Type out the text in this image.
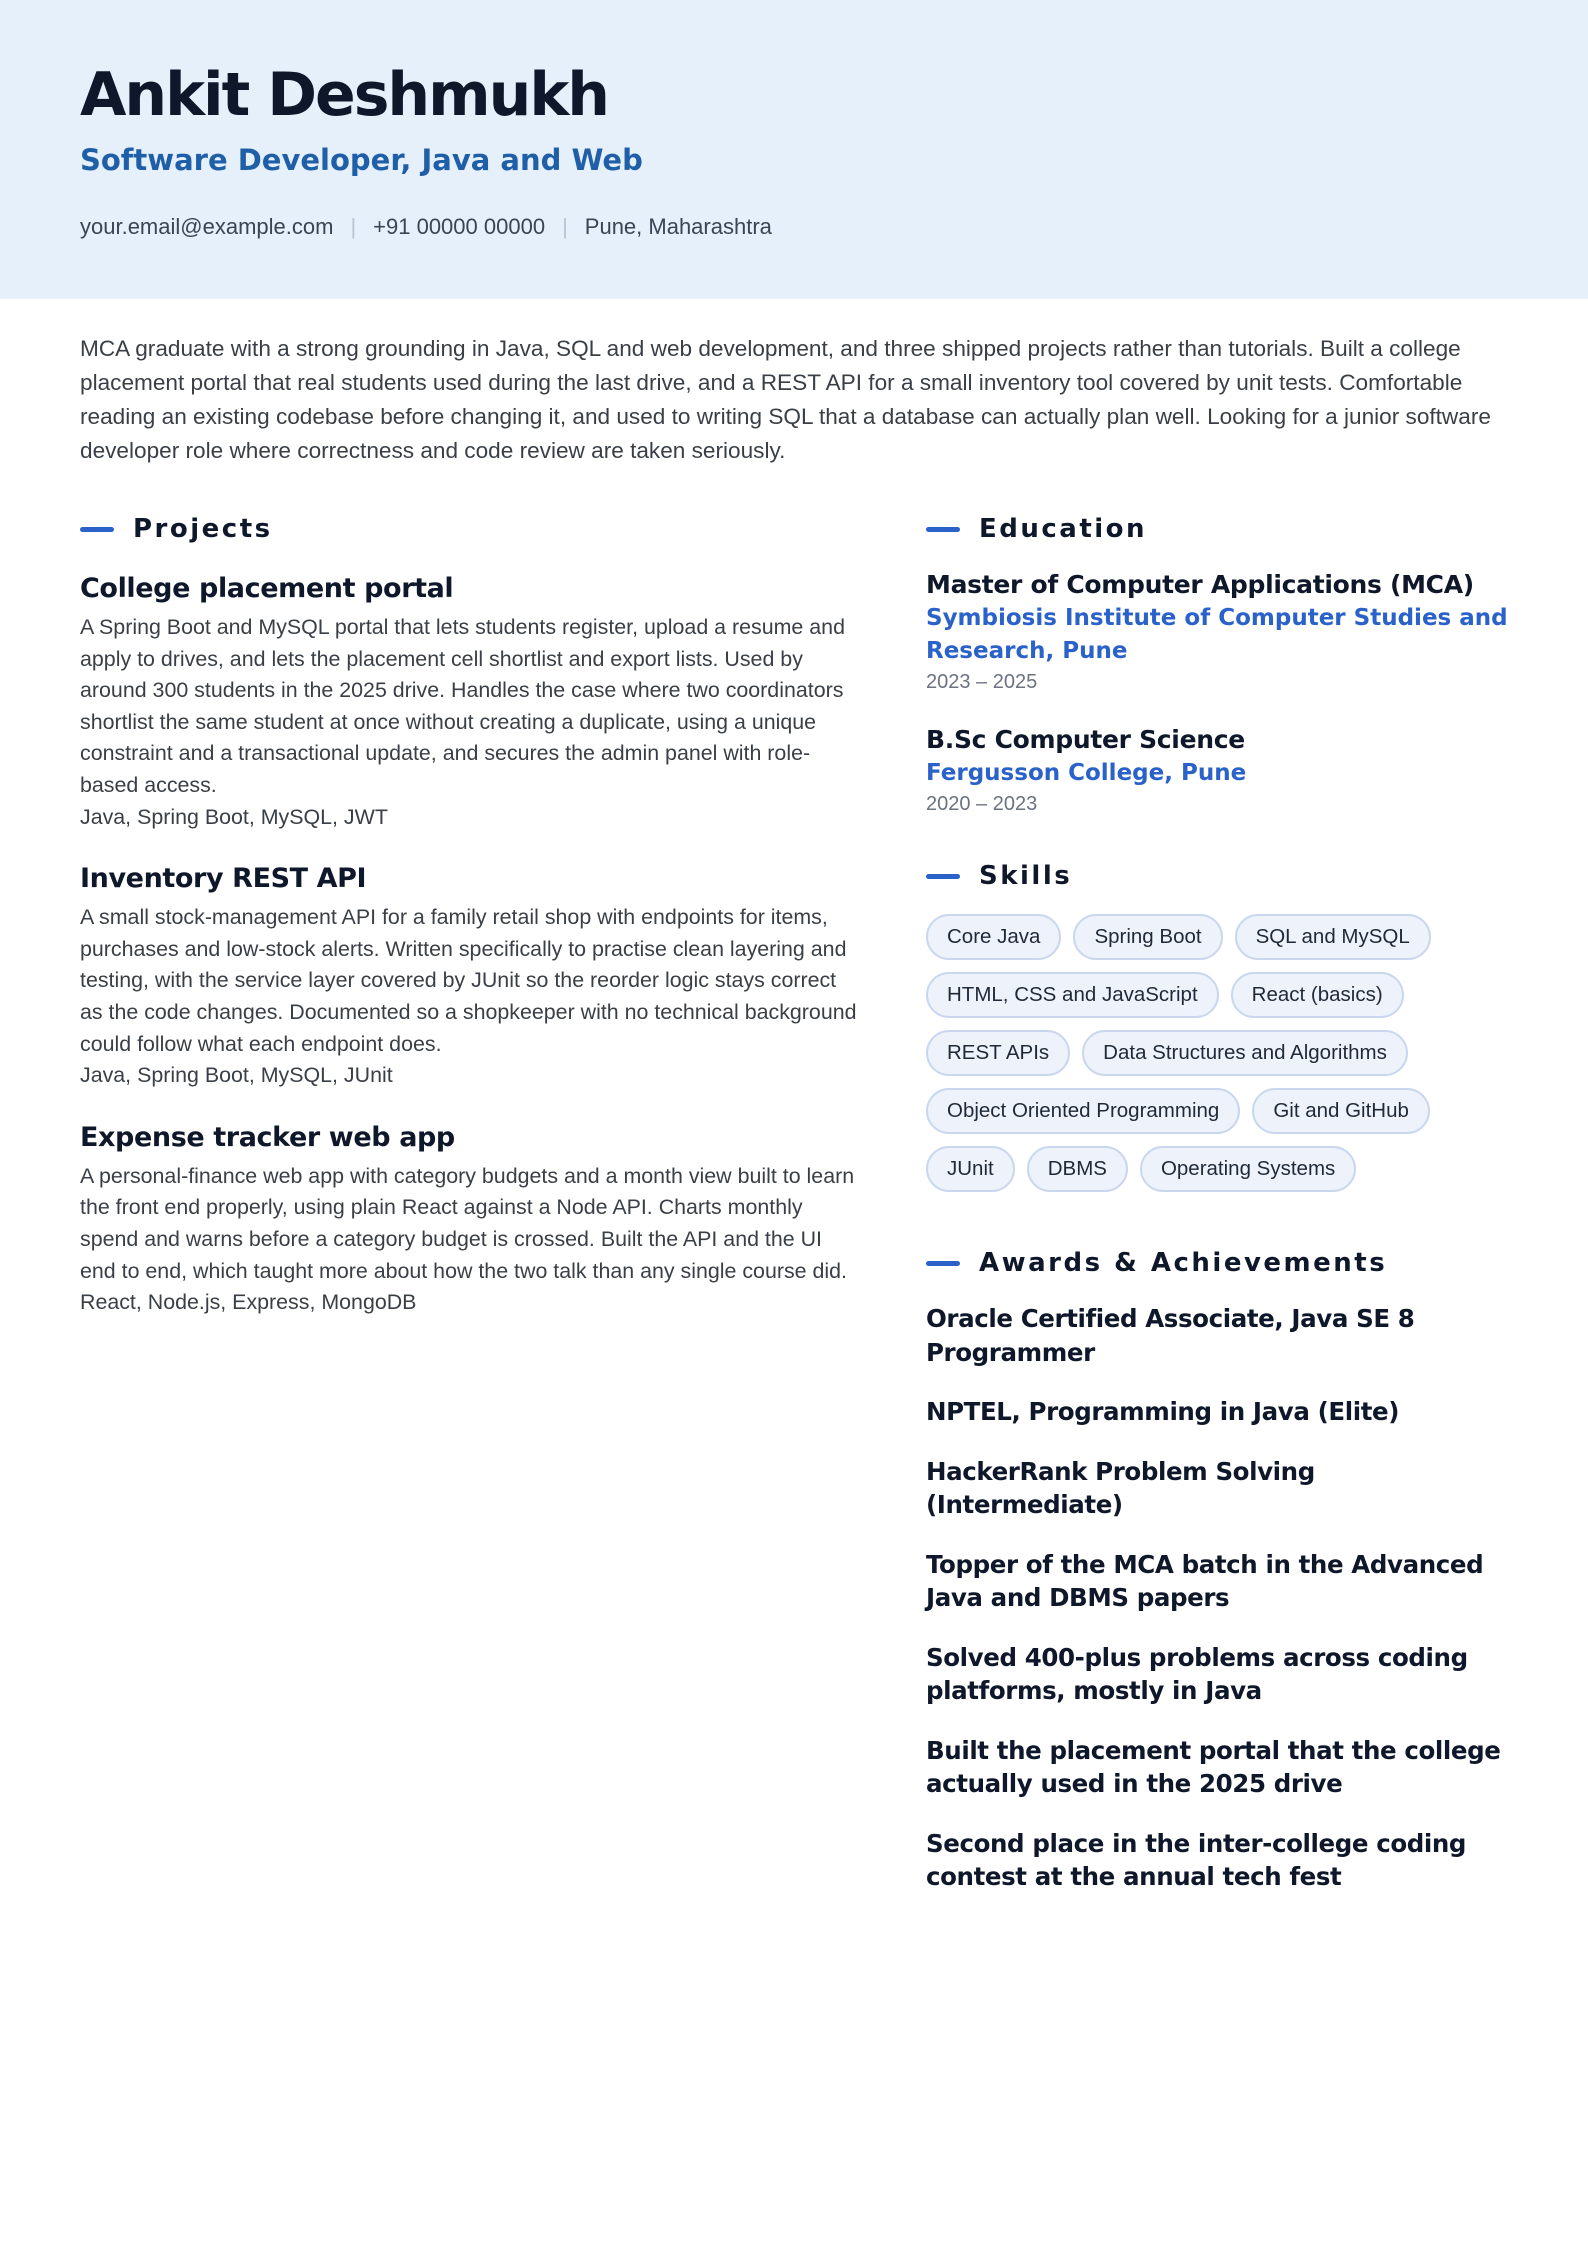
Ankit Deshmukh
Software Developer, Java and Web
your.email@example.com | +91 00000 00000 | Pune, Maharashtra
MCA graduate with a strong grounding in Java, SQL and web development, and three shipped projects rather than tutorials. Built a college placement portal that real students used during the last drive, and a REST API for a small inventory tool covered by unit tests. Comfortable reading an existing codebase before changing it, and used to writing SQL that a database can actually plan well. Looking for a junior software developer role where correctness and code review are taken seriously.
Projects
College placement portal
A Spring Boot and MySQL portal that lets students register, upload a resume and apply to drives, and lets the placement cell shortlist and export lists. Used by around 300 students in the 2025 drive. Handles the case where two coordinators shortlist the same student at once without creating a duplicate, using a unique constraint and a transactional update, and secures the admin panel with role-based access.
Java, Spring Boot, MySQL, JWT
Inventory REST API
A small stock-management API for a family retail shop with endpoints for items, purchases and low-stock alerts. Written specifically to practise clean layering and testing, with the service layer covered by JUnit so the reorder logic stays correct as the code changes. Documented so a shopkeeper with no technical background could follow what each endpoint does.
Java, Spring Boot, MySQL, JUnit
Expense tracker web app
A personal-finance web app with category budgets and a month view built to learn the front end properly, using plain React against a Node API. Charts monthly spend and warns before a category budget is crossed. Built the API and the UI end to end, which taught more about how the two talk than any single course did.
React, Node.js, Express, MongoDB
Education
Master of Computer Applications (MCA)
Symbiosis Institute of Computer Studies and Research, Pune
2023 – 2025
B.Sc Computer Science
Fergusson College, Pune
2020 – 2023
Skills
Core Java	Spring Boot	SQL and MySQL
HTML, CSS and JavaScript	React (basics)
REST APIs	Data Structures and Algorithms
Object Oriented Programming	Git and GitHub
JUnit	DBMS	Operating Systems
Awards & Achievements
Oracle Certified Associate, Java SE 8 Programmer
NPTEL, Programming in Java (Elite)
HackerRank Problem Solving (Intermediate)
Topper of the MCA batch in the Advanced Java and DBMS papers
Solved 400-plus problems across coding platforms, mostly in Java
Built the placement portal that the college actually used in the 2025 drive
Second place in the inter-college coding contest at the annual tech fest
